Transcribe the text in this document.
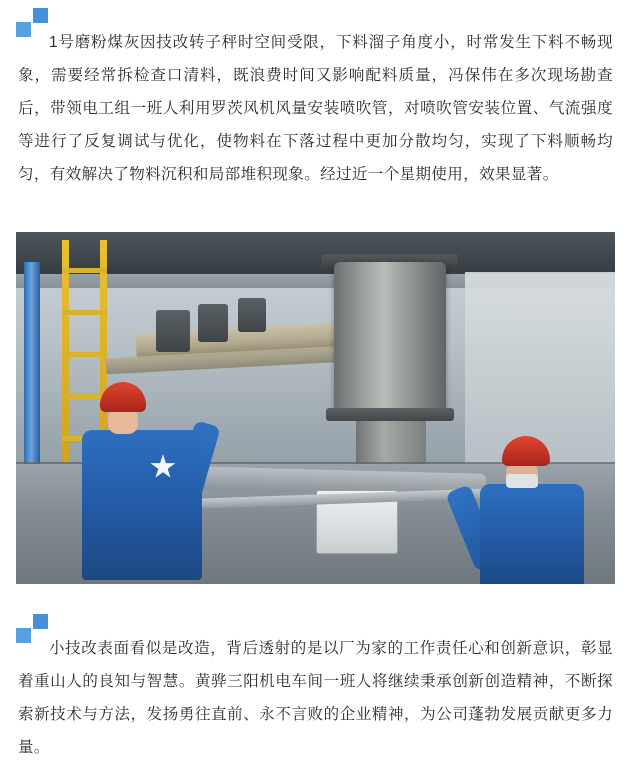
1号磨粉煤灰因技改转子秤时空间受限，下料溜子角度小，时常发生下料不畅现象，需要经常拆检查口清料，既浪费时间又影响配料质量，冯保伟在多次现场勘查后，带领电工组一班人利用罗茨风机风量安装喷吹管，对喷吹管安装位置、气流强度等进行了反复调试与优化，使物料在下落过程中更加分散均匀，实现了下料顺畅均匀，有效解决了物料沉积和局部堆积现象。经过近一个星期使用，效果显著。
小技改表面看似是改造，背后透射的是以厂为家的工作责任心和创新意识，彰显着重山人的良知与智慧。黄骅三阳机电车间一班人将继续秉承创新创造精神，不断探索新技术与方法，发扬勇往直前、永不言败的企业精神，为公司蓬勃发展贡献更多力量。
